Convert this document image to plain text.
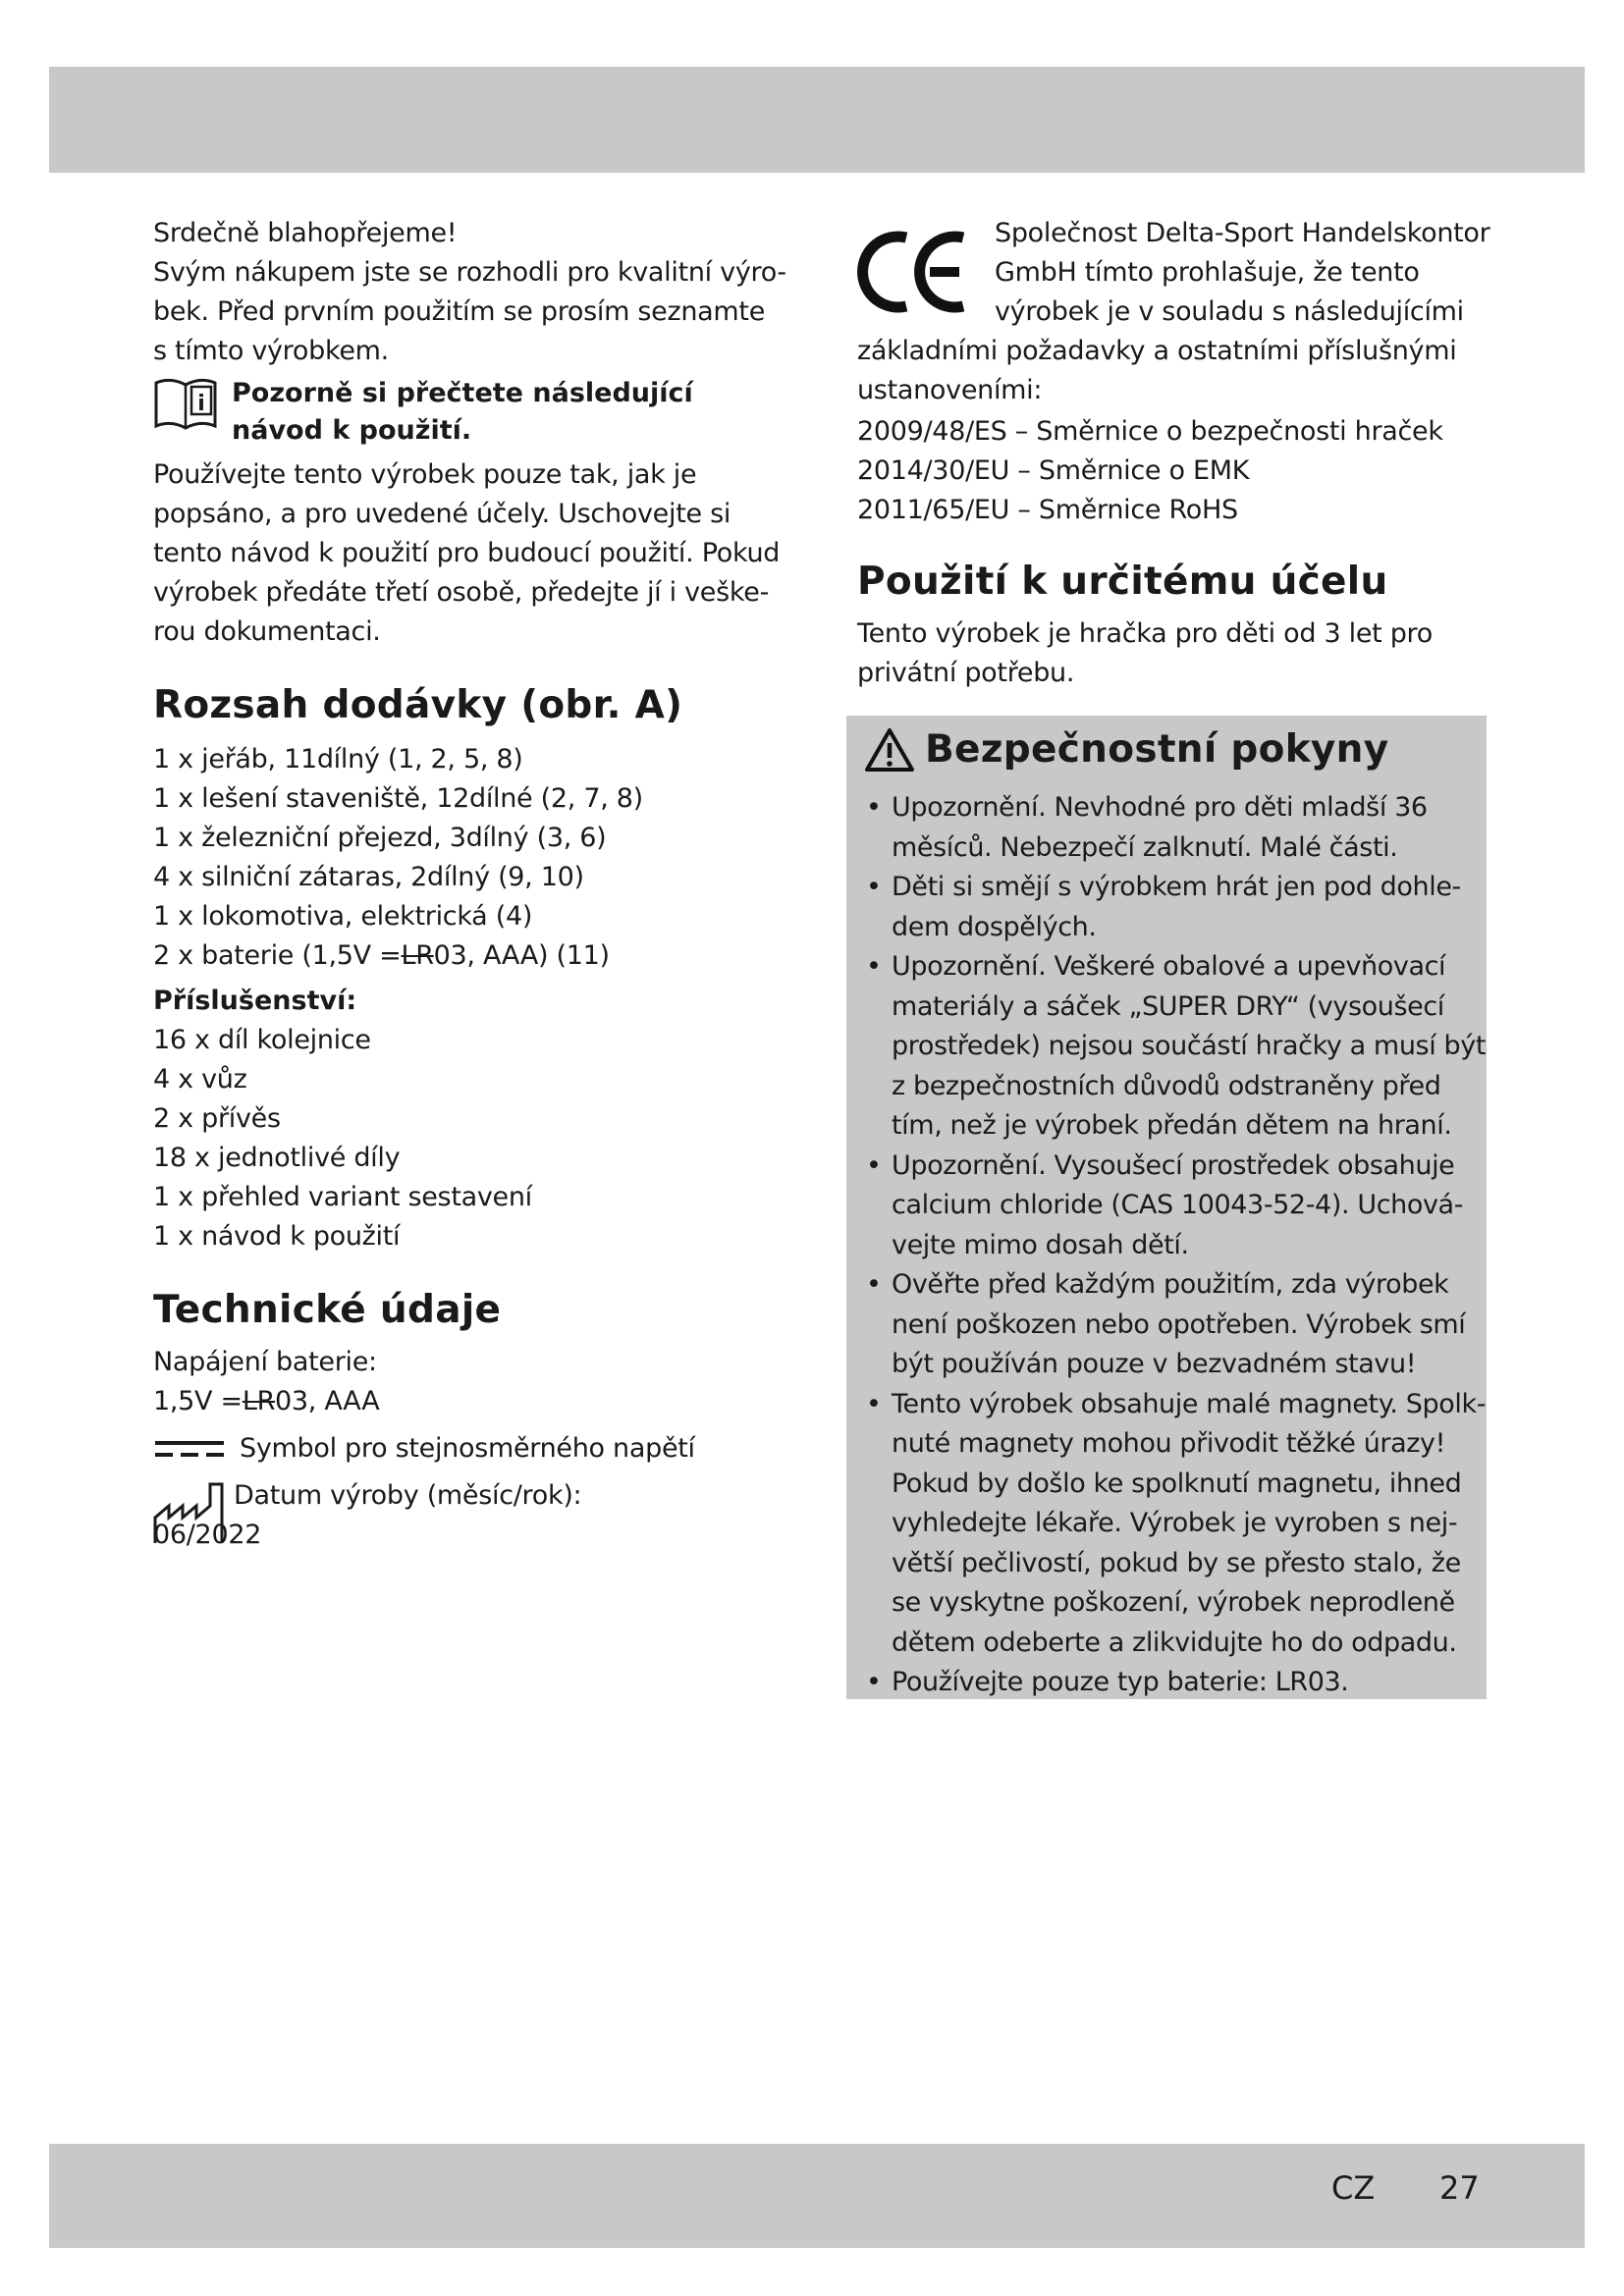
Srdečně blahopřejeme!
Svým nákupem jste se rozhodli pro kvalitní výro-
bek. Před prvním použitím se prosím seznamte
s tímto výrobkem.

i Pozorně si přečtete následující
návod k použití.

Používejte tento výrobek pouze tak, jak je
popsáno, a pro uvedené účely. Uschovejte si
tento návod k použití pro budoucí použití. Pokud
výrobek předáte třetí osobě, předejte jí i veške-
rou dokumentaci.

Rozsah dodávky (obr. A)

1 x jeřáb, 11dílný (1, 2, 5, 8)
1 x lešení staveniště, 12dílné (2, 7, 8)
1 x železniční přejezd, 3dílný (3, 6)
4 x silniční zátaras, 2dílný (9, 10)
1 x lokomotiva, elektrická (4)
2 x baterie (1,5V =LR03, AAA) (11)

Příslušenství:

16 x díl kolejnice
4 x vůz
2 x přívěs
18 x jednotlivé díly
1 x přehled variant sestavení
1 x návod k použití

Technické údaje

Napájení baterie:
1,5V =LR03, AAA

Symbol pro stejnosměrného napětí
Datum výroby (měsíc/rok):
06/2022

Společnost Delta-Sport Handelskontor
GmbH tímto prohlašuje, že tento
výrobek je v souladu s následujícími

základními požadavky a ostatními příslušnými
ustanoveními:

2009/48/ES – Směrnice o bezpečnosti hraček
2014/30/EU – Směrnice o EMK
2011/65/EU – Směrnice RoHS

Použití k určitému účelu

Tento výrobek je hračka pro děti od 3 let pro
privátní potřebu.

Bezpečnostní pokyny
• Upozornění. Nevhodné pro děti mladší 36
měsíců. Nebezpečí zalknutí. Malé části.
• Děti si smějí s výrobkem hrát jen pod dohle-
dem dospělých.
• Upozornění. Veškeré obalové a upevňovací
materiály a sáček „SUPER DRY“ (vysoušecí
prostředek) nejsou součástí hračky a musí být
z bezpečnostních důvodů odstraněny před
tím, než je výrobek předán dětem na hraní.
• Upozornění. Vysoušecí prostředek obsahuje
calcium chloride (CAS 10043-52-4). Uchová-
vejte mimo dosah dětí.
• Ověřte před každým použitím, zda výrobek
není poškozen nebo opotřeben. Výrobek smí
být používán pouze v bezvadném stavu!
• Tento výrobek obsahuje malé magnety. Spolk-
nuté magnety mohou přivodit těžké úrazy!
Pokud by došlo ke spolknutí magnetu, ihned
vyhledejte lékaře. Výrobek je vyroben s nej-
větší pečlivostí, pokud by se přesto stalo, že
se vyskytne poškození, výrobek neprodleně
dětem odeberte a zlikvidujte ho do odpadu.
• Používejte pouze typ baterie: LR03.
CZ 27
